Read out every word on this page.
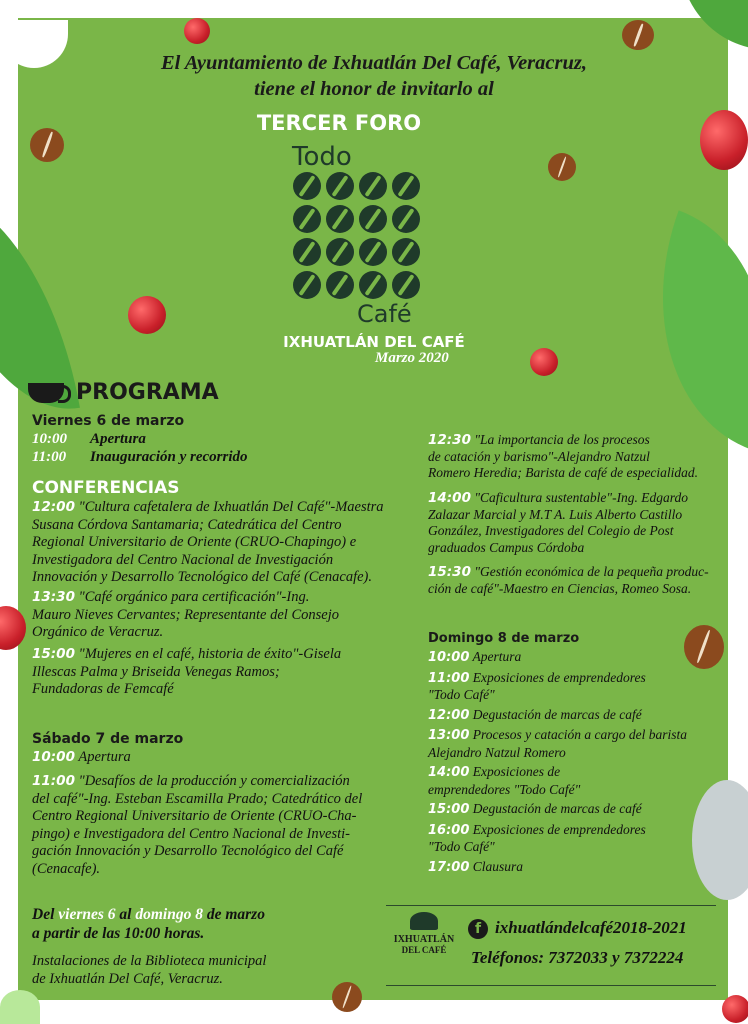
El Ayuntamiento de Ixhuatlán Del Café, Veracruz,
tiene el honor de invitarlo al
TERCER FORO
Todo
Café
IXHUATLÁN DEL CAFÉ
Marzo 2020
PROGRAMA
Viernes 6 de marzo
10:00 Apertura
11:00 Inauguración y recorrido
CONFERENCIAS
12:00 "Cultura cafetalera de Ixhuatlán Del Café"-Maestra
Susana Córdova Santamaria; Catedrática del Centro
Regional Universitario de Oriente (CRUO-Chapingo) e
Investigadora del Centro Nacional de Investigación
Innovación y Desarrollo Tecnológico del Café (Cenacafe).
13:30 "Café orgánico para certificación"-Ing.
Mauro Nieves Cervantes; Representante del Consejo
Orgánico de Veracruz.
15:00 "Mujeres en el café, historia de éxito"-Gisela
Illescas Palma y Briseida Venegas Ramos;
Fundadoras de Femcafé
Sábado 7 de marzo
10:00 Apertura
11:00 "Desafíos de la producción y comercialización
del café"-Ing. Esteban Escamilla Prado; Catedrático del
Centro Regional Universitario de Oriente (CRUO-Cha-
pingo) e Investigadora del Centro Nacional de Investi-
gación Innovación y Desarrollo Tecnológico del Café
(Cenacafe).
12:30 "La importancia de los procesos
de catación y barismo"-Alejandro Natzul
Romero Heredia; Barista de café de especialidad.
14:00 "Caficultura sustentable"-Ing. Edgardo
Zalazar Marcial y M.T A. Luis Alberto Castillo
González, Investigadores del Colegio de Post
graduados Campus Córdoba
15:30 "Gestión económica de la pequeña produc-
ción de café"-Maestro en Ciencias, Romeo Sosa.
Domingo 8 de marzo
10:00 Apertura
11:00 Exposiciones de emprendedores
"Todo Café"
12:00 Degustación de marcas de café
13:00 Procesos y catación a cargo del barista
Alejandro Natzul Romero
14:00 Exposiciones de
emprendedores "Todo Café"
15:00 Degustación de marcas de café
16:00 Exposiciones de emprendedores
"Todo Café"
17:00 Clausura
Del viernes 6 al domingo 8 de marzo
a partir de las 10:00 horas.
Instalaciones de la Biblioteca municipal
de Ixhuatlán Del Café, Veracruz.
IXHUATLÁN
DEL CAFÉ
f ixhuatlándelcafé2018-2021
Teléfonos: 7372033 y 7372224
